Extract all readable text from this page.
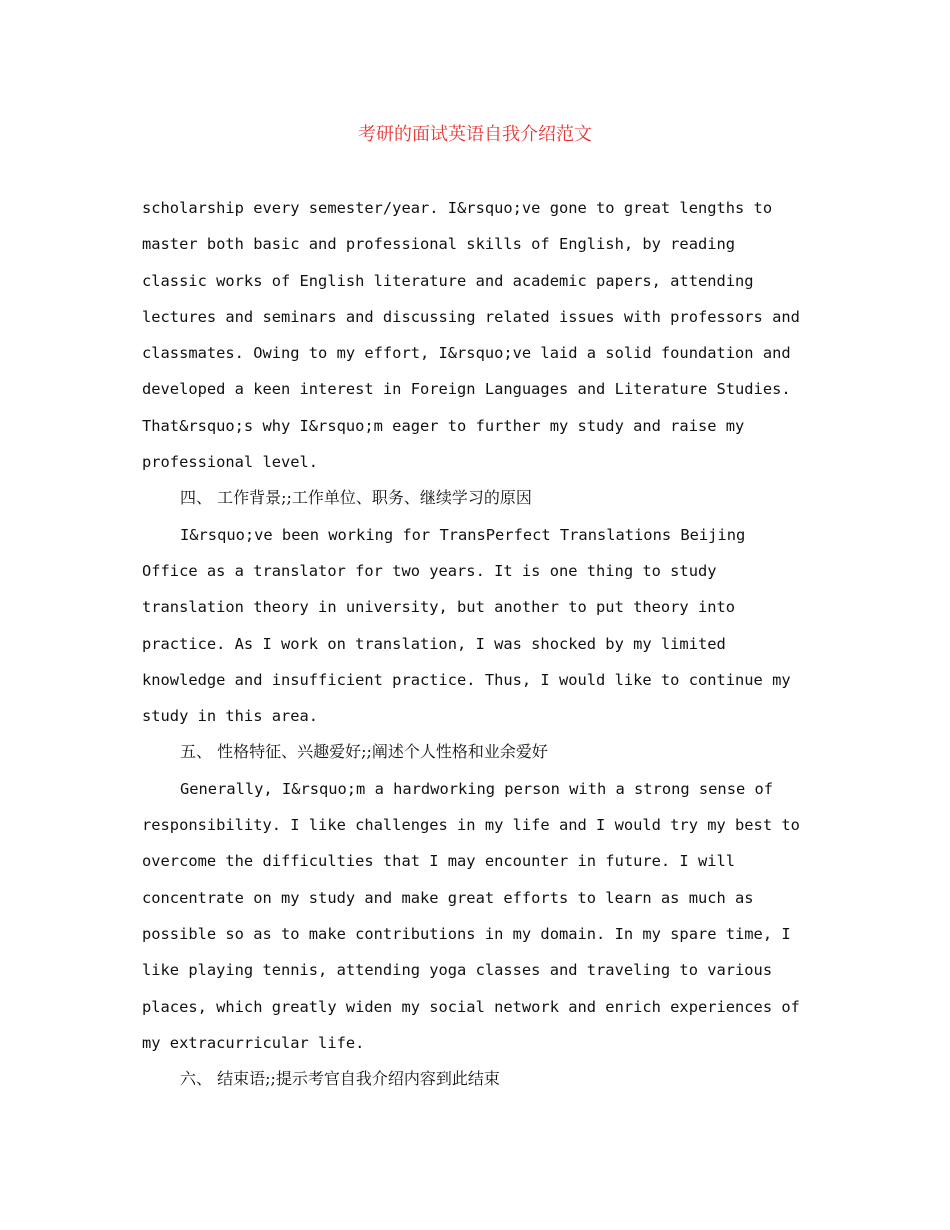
考研的面试英语自我介绍范文
scholarship every semester/year. I&rsquo;ve gone to great lengths to
master both basic and professional skills of English, by reading
classic works of English literature and academic papers, attending
lectures and seminars and discussing related issues with professors and
classmates. Owing to my effort, I&rsquo;ve laid a solid foundation and
developed a keen interest in Foreign Languages and Literature Studies.
That&rsquo;s why I&rsquo;m eager to further my study and raise my
professional level.
四、 工作背景;;工作单位、职务、继续学习的原因
I&rsquo;ve been working for TransPerfect Translations Beijing
Office as a translator for two years. It is one thing to study
translation theory in university, but another to put theory into
practice. As I work on translation, I was shocked by my limited
knowledge and insufficient practice. Thus, I would like to continue my
study in this area.
五、 性格特征、兴趣爱好;;阐述个人性格和业余爱好
Generally, I&rsquo;m a hardworking person with a strong sense of
responsibility. I like challenges in my life and I would try my best to
overcome the difficulties that I may encounter in future. I will
concentrate on my study and make great efforts to learn as much as
possible so as to make contributions in my domain. In my spare time, I
like playing tennis, attending yoga classes and traveling to various
places, which greatly widen my social network and enrich experiences of
my extracurricular life.
六、 结束语;;提示考官自我介绍内容到此结束
